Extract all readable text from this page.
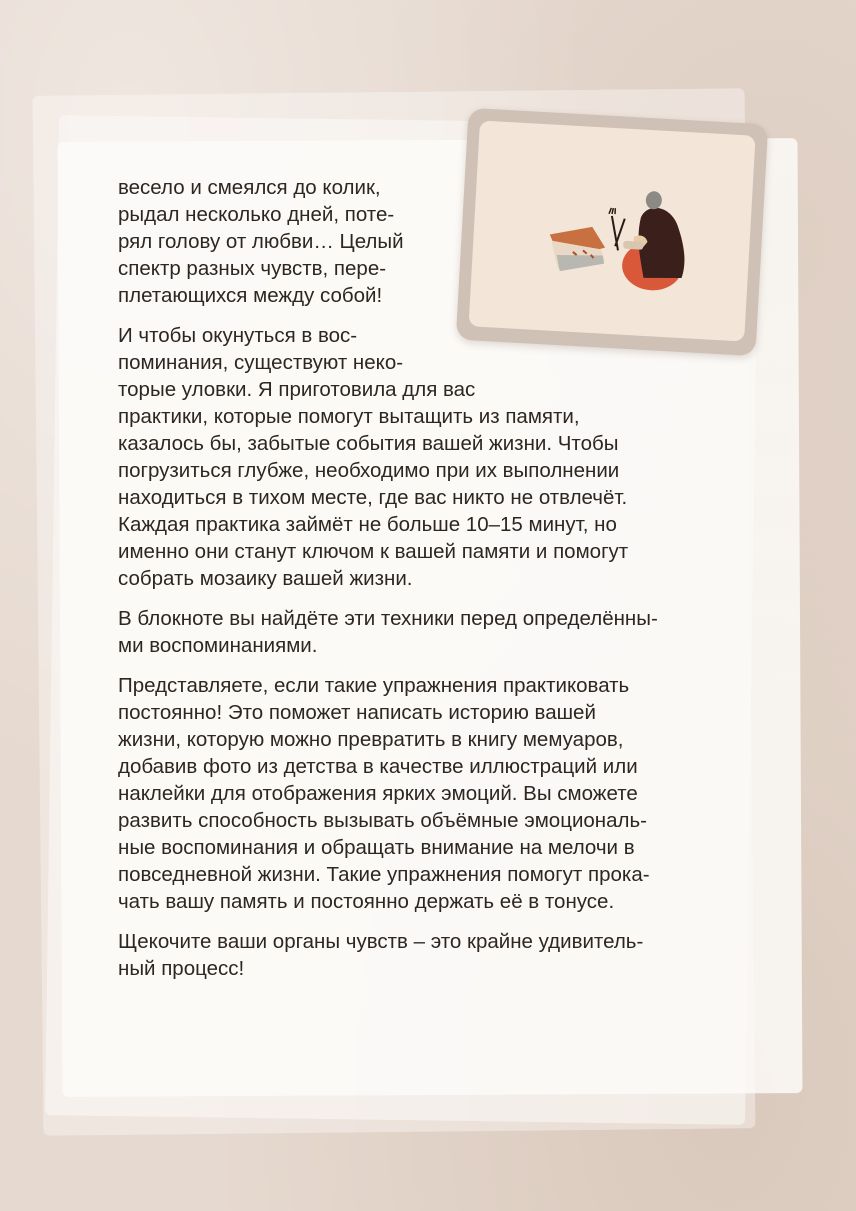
весело и смеялся до колик,
рыдал несколько дней, поте-
рял голову от любви… Целый
спектр разных чувств, пере-
плетающихся между собой!

И чтобы окунуться в вос-
поминания, существуют неко-
торые уловки. Я приготовила для вас
практики, которые помогут вытащить из памяти,
казалось бы, забытые события вашей жизни. Чтобы
погрузиться глубже, необходимо при их выполнении
находиться в тихом месте, где вас никто не отвлечёт.
Каждая практика займёт не больше 10–15 минут, но
именно они станут ключом к вашей памяти и помогут
собрать мозаику вашей жизни.

В блокноте вы найдёте эти техники перед определённы-
ми воспоминаниями.

Представляете, если такие упражнения практиковать
постоянно! Это поможет написать историю вашей
жизни, которую можно превратить в книгу мемуаров,
добавив фото из детства в качестве иллюстраций или
наклейки для отображения ярких эмоций. Вы сможете
развить способность вызывать объёмные эмоциональ-
ные воспоминания и обращать внимание на мелочи в
повседневной жизни. Такие упражнения помогут прока-
чать вашу память и постоянно держать её в тонусе.

Щекочите ваши органы чувств – это крайне удивитель-
ный процесс!
